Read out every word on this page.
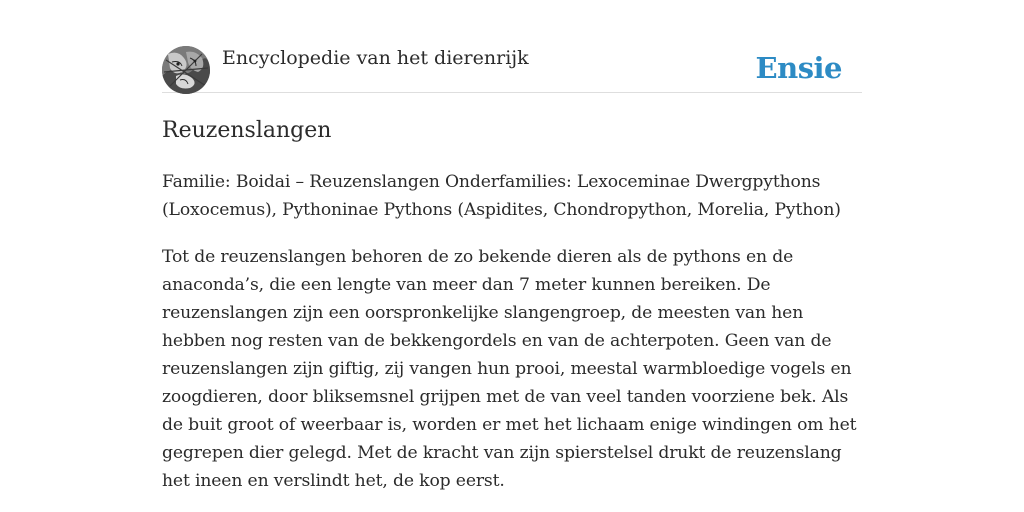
Encyclopedie van het dierenrijk	Ensie
Reuzenslangen

Familie: Boidai – Reuzenslangen Onderfamilies: Lexoceminae Dwergpythons (Loxocemus), Pythoninae Pythons (Aspidites, Chondropython, Morelia, Python)

Tot de reuzenslangen behoren de zo bekende dieren als de pythons en de anaconda’s, die een lengte van meer dan 7 meter kunnen bereiken. De reuzenslangen zijn een oorspronkelijke slangengroep, de meesten van hen hebben nog resten van de bekkengordels en van de achterpoten. Geen van de reuzenslangen zijn giftig, zij vangen hun prooi, meestal warmbloedige vogels en zoogdieren, door bliksemsnel grijpen met de van veel tanden voorziene bek. Als de buit groot of weerbaar is, worden er met het lichaam enige windingen om het gegrepen dier gelegd. Met de kracht van zijn spierstelsel drukt de reuzenslang het ineen en verslindt het, de kop eerst.
